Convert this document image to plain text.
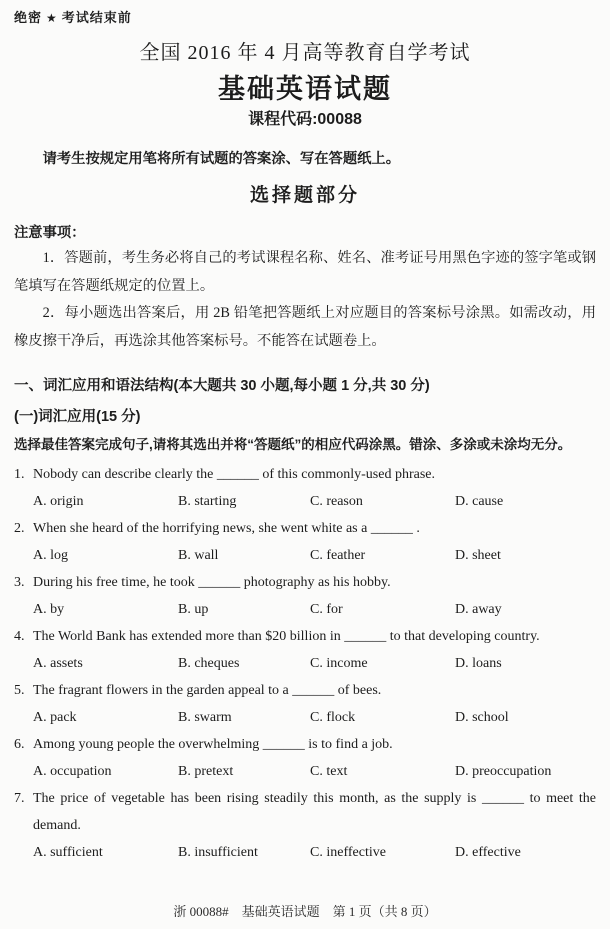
绝密 ★ 考试结束前
全国 2016 年 4 月高等教育自学考试
基础英语试题
课程代码:00088
请考生按规定用笔将所有试题的答案涂、写在答题纸上。
选择题部分
注意事项：
1．答题前，考生务必将自己的考试课程名称、姓名、准考证号用黑色字迹的签字笔或钢笔填写在答题纸规定的位置上。
2．每小题选出答案后，用 2B 铅笔把答题纸上对应题目的答案标号涂黑。如需改动，用橡皮擦干净后，再选涂其他答案标号。不能答在试题卷上。
一、词汇应用和语法结构(本大题共 30 小题,每小题 1 分,共 30 分)
(一)词汇应用(15 分)
选择最佳答案完成句子,请将其选出并将“答题纸”的相应代码涂黑。错涂、多涂或未涂均无分。
1. Nobody can describe clearly the ______ of this commonly-used phrase.
A. origin	B. starting	C. reason	D. cause
2. When she heard of the horrifying news, she went white as a ______ .
A. log	B. wall	C. feather	D. sheet
3. During his free time, he took ______ photography as his hobby.
A. by	B. up	C. for	D. away
4. The World Bank has extended more than $20 billion in ______ to that developing country.
A. assets	B. cheques	C. income	D. loans
5. The fragrant flowers in the garden appeal to a ______ of bees.
A. pack	B. swarm	C. flock	D. school
6. Among young people the overwhelming ______ is to find a job.
A. occupation	B. pretext	C. text	D. preoccupation
7. The price of vegetable has been rising steadily this month, as the supply is ______ to meet the demand.
A. sufficient	B. insufficient	C. ineffective	D. effective
浙 00088#　基础英语试题　第 1 页（共 8 页）
